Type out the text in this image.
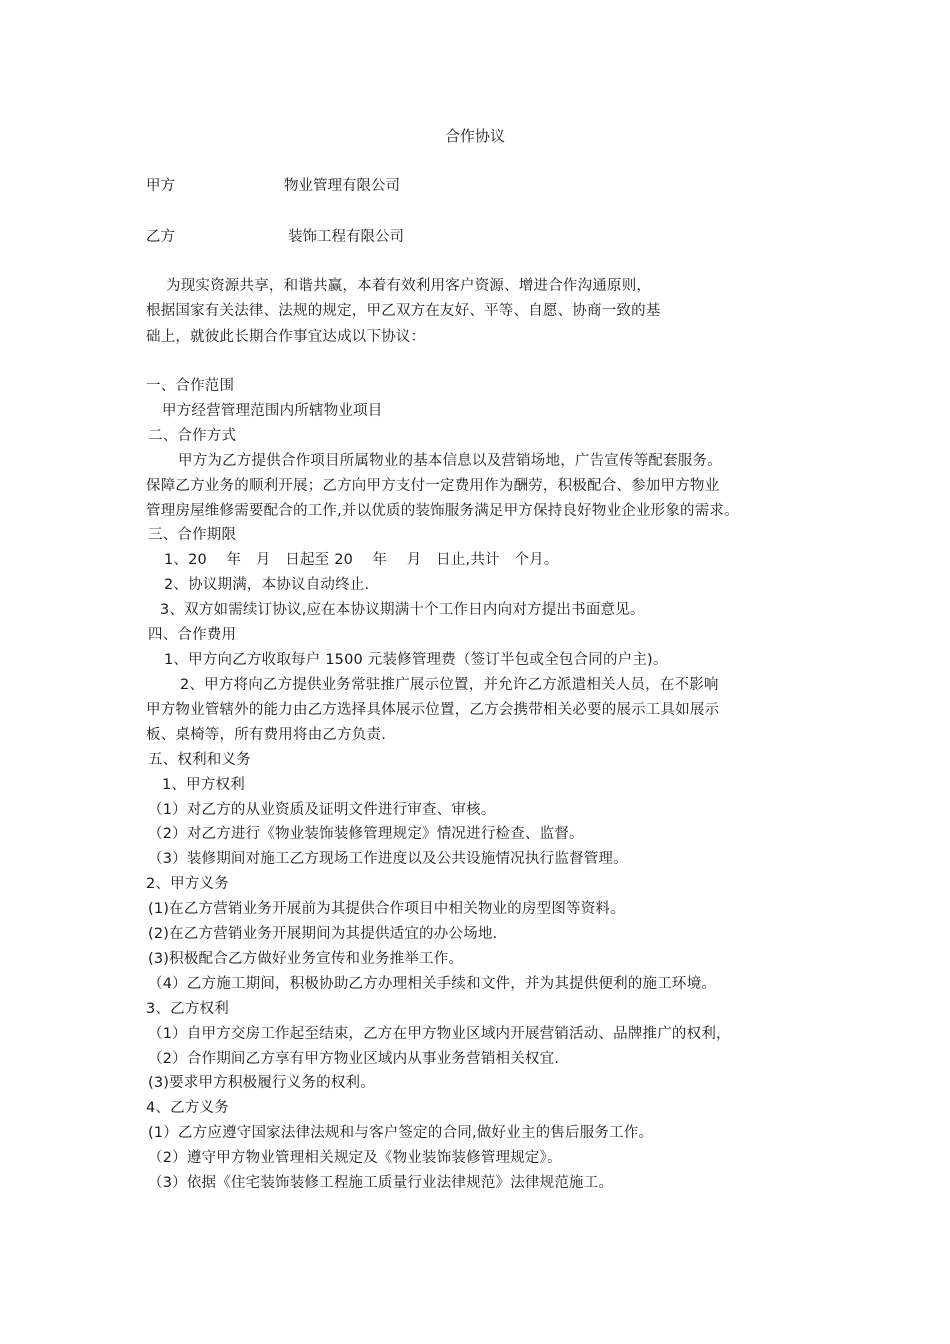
合作协议
甲方	物业管理有限公司
乙方	装饰工程有限公司
为现实资源共享，和谐共赢，本着有效利用客户资源、增进合作沟通原则，
根据国家有关法律、法规的规定，甲乙双方在友好、平等、自愿、协商一致的基
础上，就彼此长期合作事宜达成以下协议：
一、合作范围
甲方经营管理范围内所辖物业项目
二、合作方式
甲方为乙方提供合作项目所属物业的基本信息以及营销场地，广告宣传等配套服务。
保障乙方业务的顺利开展；乙方向甲方支付一定费用作为酬劳，积极配合、参加甲方物业
管理房屋维修需要配合的工作,并以优质的装饰服务满足甲方保持良好物业企业形象的需求。
三、合作期限
1、20　 年　月　日起至 20　 年　 月　日止,共计　个月。
2、协议期满，本协议自动终止.
3、双方如需续订协议,应在本协议期满十个工作日内向对方提出书面意见。
四、合作费用
1、甲方向乙方收取每户 1500 元装修管理费（签订半包或全包合同的户主)。
2、甲方将向乙方提供业务常驻推广展示位置，并允许乙方派遣相关人员，在不影响
甲方物业管辖外的能力由乙方选择具体展示位置，乙方会携带相关必要的展示工具如展示
板、桌椅等，所有费用将由乙方负责.
五、权利和义务
1、甲方权利
（1）对乙方的从业资质及证明文件进行审查、审核。
（2）对乙方进行《物业装饰装修管理规定》情况进行检查、监督。
（3）装修期间对施工乙方现场工作进度以及公共设施情况执行监督管理。
2、甲方义务
(1)在乙方营销业务开展前为其提供合作项目中相关物业的房型图等资料。
(2)在乙方营销业务开展期间为其提供适宜的办公场地.
(3)积极配合乙方做好业务宣传和业务推举工作。
（4）乙方施工期间，积极协助乙方办理相关手续和文件，并为其提供便利的施工环境。
3、乙方权利
（1）自甲方交房工作起至结束，乙方在甲方物业区域内开展营销活动、品牌推广的权利，
（2）合作期间乙方享有甲方物业区域内从事业务营销相关权宜.
(3)要求甲方积极履行义务的权利。
4、乙方义务
(1）乙方应遵守国家法律法规和与客户签定的合同,做好业主的售后服务工作。
（2）遵守甲方物业管理相关规定及《物业装饰装修管理规定》。
（3）依据《住宅装饰装修工程施工质量行业法律规范》法律规范施工。
